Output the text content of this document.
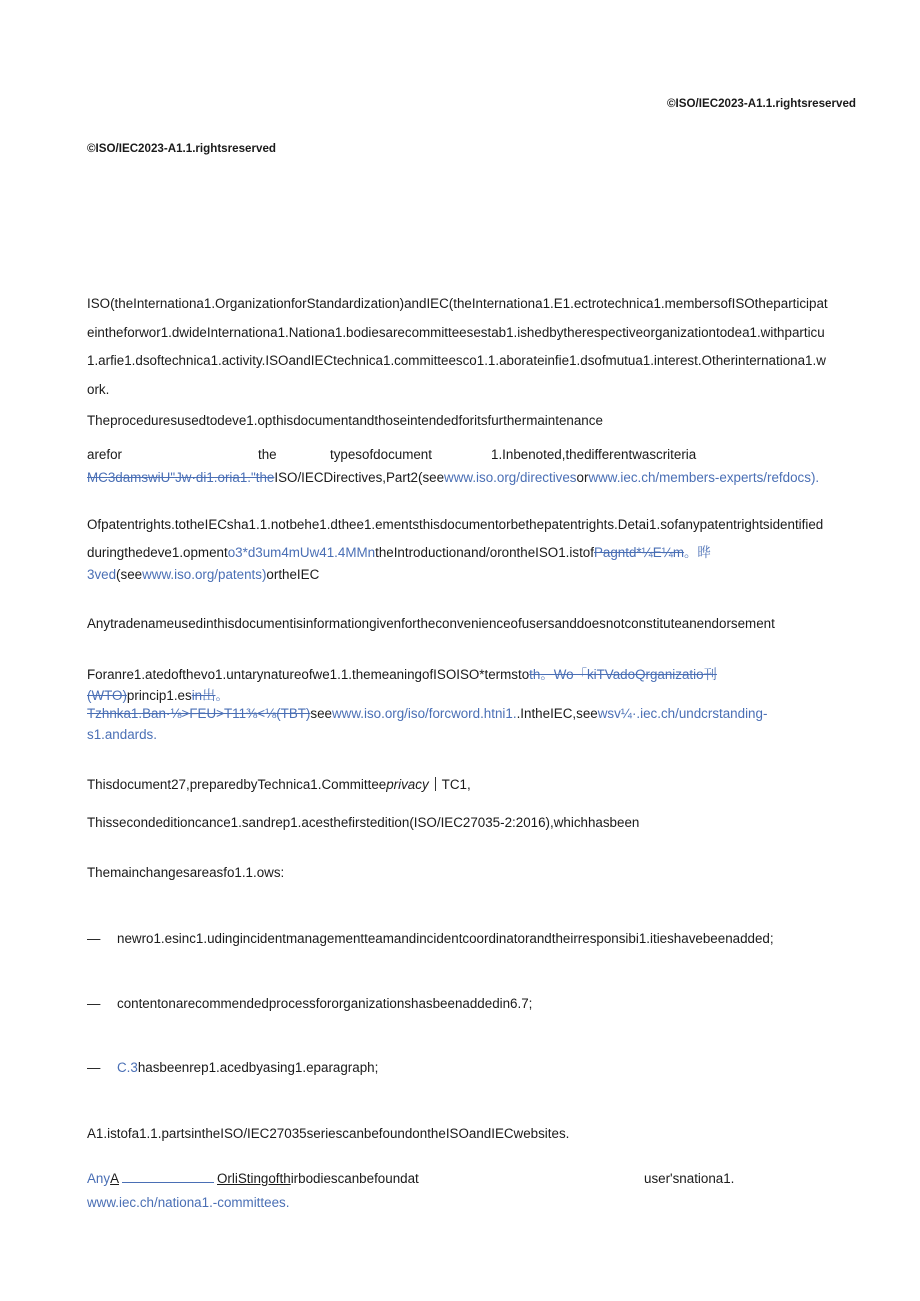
©ISO/IEC2023-A1.1.rightsreserved
©ISO/IEC2023-A1.1.rightsreserved
ISO(theInternationa1.OrganizationforStandardization)andIEC(theInternationa1.E1.ectrotechnica1.membersofISOtheparticipat
eintheforwor1.dwideInternationa1.Nationa1.bodiesarecommitteesestab1.ishedbytherespectiveorganizationtodea1.withparticu
1.arfie1.dsoftechnica1.activity.ISOandIECtechnica1.committeesco1.1.aborateinfie1.dsofmutua1.interest.Otherinternationa1.w
ork.
Theproceduresusedtodeve1.opthisdocumentandthoseintendedforitsfurthermaintenance
arefor	the	typesofdocument	1.Inbenoted,thedifferentwascriteria
MC3damswiU"Jw·di1.oria1."theISO/IECDirectives,Part2(seewww.iso.org/directivesorwww.iec.ch/members-experts/refdocs).
Ofpatentrights.totheIECsha1.1.notbehe1.dthee1.ementsthisdocumentorbethepatentrights.Detai1.sofanypatentrightsidentified
duringthedeve1.opmento3*d3um4mUw41.4MMntheIntroductionand/orontheISO1.istofPagntd*¼E¼m。晔
3ved(seewww.iso.org/patents)ortheIEC
Anytradenameusedinthisdocumentisinformationgivenfortheconvenienceofusersanddoesnotconstituteanendorsement
Foranre1.atedofthevo1.untarynatureofwe1.1.themeaningofISOISO*termstoth。Wo「kiTVadoQrganizatio刊
(WTO)princip1.esin出。
Tzhnka1.Ban·⅛>FEU>T11⅜<⅛(TBT)seewww.iso.org/iso/forcword.htni1..IntheIEC,seewsv¼·.iec.ch/undcrstanding-
s1.andards.
Thisdocument27,preparedbyTechnica1.Committeeprivacy TC1,
Thissecondeditioncance1.sandrep1.acesthefirstedition(ISO/IEC27035-2:2016),whichhasbeen
Themainchangesareasfo1.1.ows:
— newro1.esinc1.udingincidentmanagementteamandincidentcoordinatorandtheirresponsibi1.itieshavebeenadded;
— contentonarecommendedprocessfororganizationshasbeenaddedin6.7;
— C.3hasbeenrep1.acedbyasing1.eparagraph;
A1.istofa1.1.partsintheISO/IEC27035seriescanbefoundontheISOandIECwebsites.
AnyA	OrliStingofthirbodiescanbefoundat	user'snationa1.
www.iec.ch/nationa1.-committees.
